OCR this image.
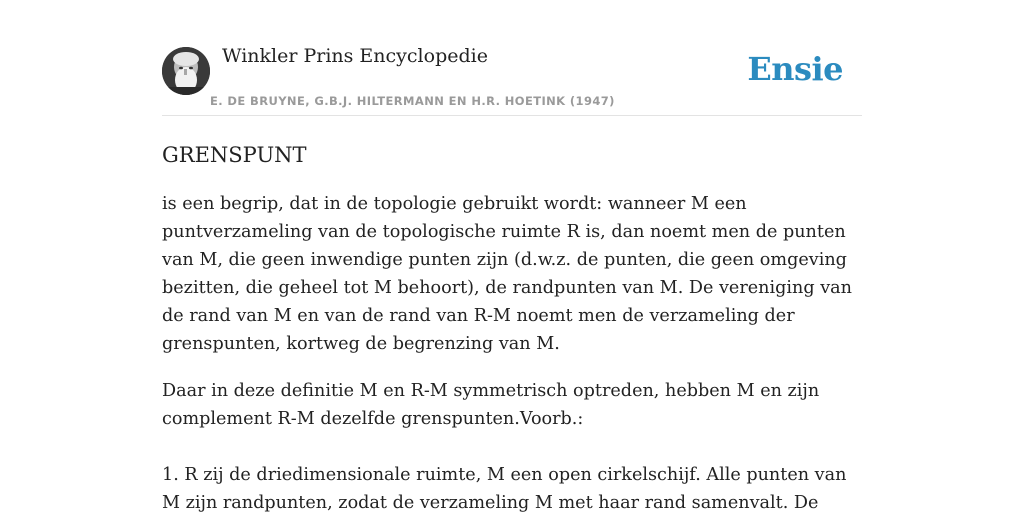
Winkler Prins Encyclopedie
E. DE BRUYNE, G.B.J. HILTERMANN EN H.R. HOETINK (1947)
Ensie
GRENSPUNT

is een begrip, dat in de topologie gebruikt wordt: wanneer M een puntverzameling van de topologische ruimte R is, dan noemt men de punten van M, die geen inwendige punten zijn (d.w.z. de punten, die geen omgeving bezitten, die geheel tot M behoort), de randpunten van M. De vereniging van de rand van M en van de rand van R-M noemt men de verzameling der grenspunten, kortweg de begrenzing van M.

Daar in deze definitie M en R-M symmetrisch optreden, hebben M en zijn complement R-M dezelfde grenspunten.Voorb.:

1. R zij de driedimensionale ruimte, M een open cirkelschijf. Alle punten van M zijn randpunten, zodat de verzameling M met haar rand samenvalt. De
